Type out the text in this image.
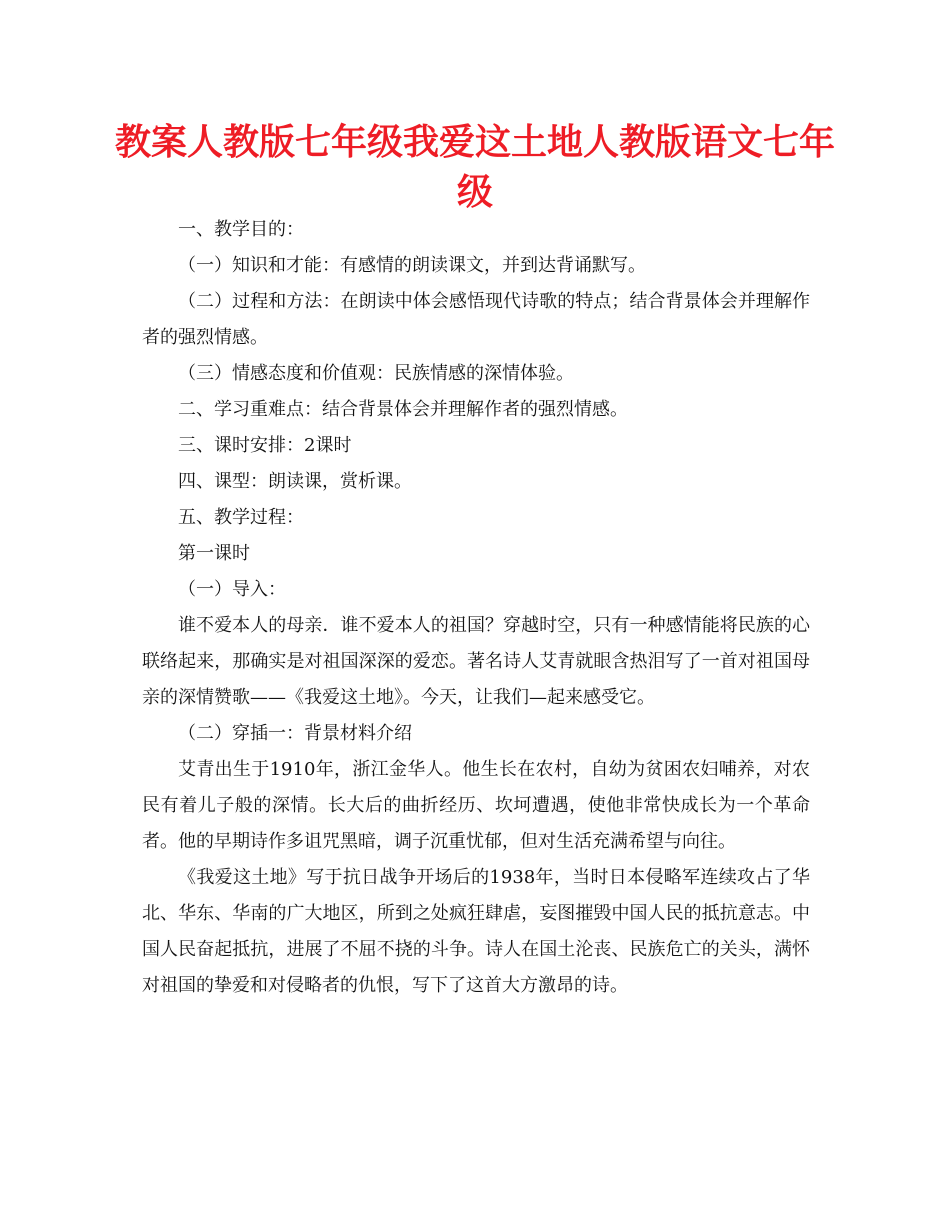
教案人教版七年级我爱这土地人教版语文七年级

一、教学目的：

（一）知识和才能：有感情的朗读课文，并到达背诵默写。

（二）过程和方法：在朗读中体会感悟现代诗歌的特点；结合背景体会并理解作者的强烈情感。

（三）情感态度和价值观：民族情感的深情体验。

二、学习重难点：结合背景体会并理解作者的强烈情感。

三、课时安排：2课时

四、课型：朗读课，赏析课。

五、教学过程：

第一课时

（一）导入：

谁不爱本人的母亲．谁不爱本人的祖国？穿越时空，只有一种感情能将民族的心联络起来，那确实是对祖国深深的爱恋。著名诗人艾青就眼含热泪写了一首对祖国母亲的深情赞歌——《我爱这土地》。今天，让我们—起来感受它。

（二）穿插一：背景材料介绍

艾青出生于1910年，浙江金华人。他生长在农村，自幼为贫困农妇哺养，对农民有着儿子般的深情。长大后的曲折经历、坎坷遭遇，使他非常快成长为一个革命者。他的早期诗作多诅咒黑暗，调子沉重忧郁，但对生活充满希望与向往。

《我爱这土地》写于抗日战争开场后的1938年，当时日本侵略军连续攻占了华北、华东、华南的广大地区，所到之处疯狂肆虐，妄图摧毁中国人民的抵抗意志。中国人民奋起抵抗，进展了不屈不挠的斗争。诗人在国土沦丧、民族危亡的关头，满怀对祖国的挚爱和对侵略者的仇恨，写下了这首大方激昂的诗。
